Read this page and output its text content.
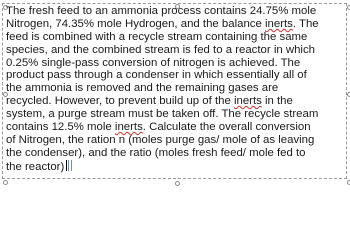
The fresh feed to an ammonia process contains 24.75% mole
Nitrogen, 74.35% mole Hydrogen, and the balance inerts. The
feed is combined with a recycle stream containing the same
species, and the combined stream is fed to a reactor in which
0.25% single-pass conversion of nitrogen is achieved. The
product pass through a condenser in which essentially all of
the ammonia is removed and the remaining gases are
recycled. However, to prevent build up of the inerts in the
system, a purge stream must be taken off. The recycle stream
contains 12.5% mole inerts. Calculate the overall conversion
of Nitrogen, the ration n (moles purge gas/ mole of as leaving
the condenser), and the ratio (moles fresh feed/ mole fed to
the reactor)
